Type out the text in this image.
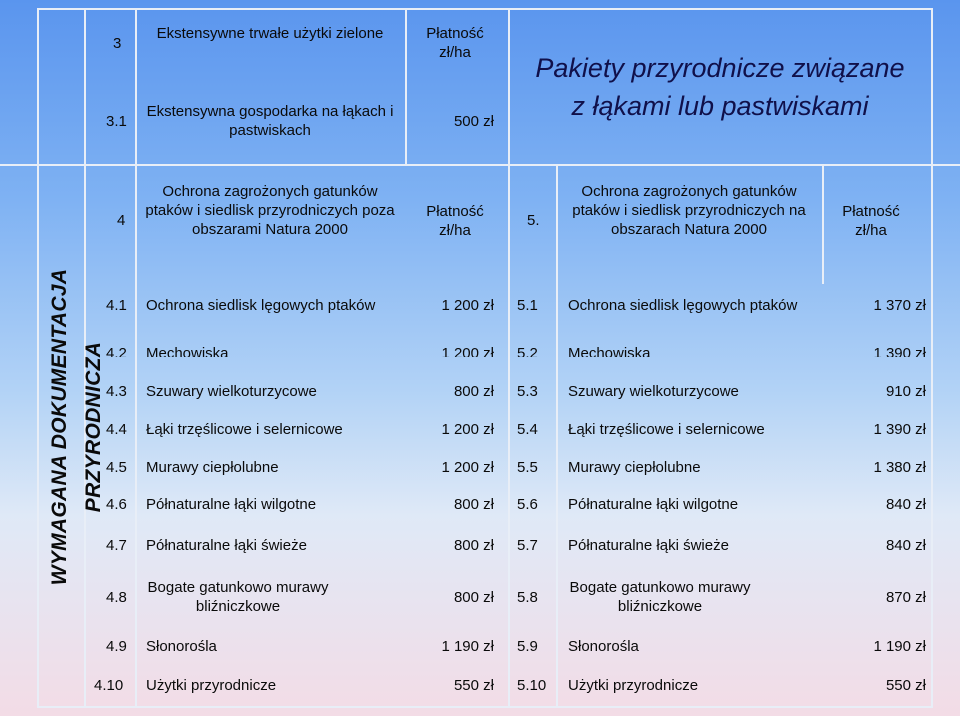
3
Ekstensywne trwałe użytki zielone	Płatność zł/ha
3.1
Ekstensywna gospodarka na łąkach i pastwiskach
500 zł
Pakiety przyrodnicze związane
z łąkami lub pastwiskami
WYMAGANA DOKUMENTACJA PRZYRODNICZA
4
Ochrona zagrożonych gatunków ptaków i siedlisk przyrodniczych poza obszarami Natura 2000
Płatność zł/ha
5.
Ochrona zagrożonych gatunków ptaków i siedlisk przyrodniczych na obszarach Natura 2000
Płatność zł/ha
4.1 Ochrona siedlisk lęgowych ptaków	1 200 zł
4.2 Mechowiska	1 200 zł
4.3 Szuwary wielkoturzycowe	800 zł
4.4 Łąki trzęślicowe i selernicowe	1 200 zł
4.5 Murawy ciepłolubne	1 200 zł
4.6 Półnaturalne łąki wilgotne	800 zł
4.7 Półnaturalne łąki świeże	800 zł
4.8
Bogate gatunkowo murawy bliźniczkowe
800 zł
4.9 Słonorośla	1 190 zł
4.10 Użytki przyrodnicze	550 zł
5.1 Ochrona siedlisk lęgowych ptaków	1 370 zł
5.2 Mechowiska	1 390 zł
5.3 Szuwary wielkoturzycowe	910 zł
5.4 Łąki trzęślicowe i selernicowe	1 390 zł
5.5 Murawy ciepłolubne	1 380 zł
5.6 Półnaturalne łąki wilgotne	840 zł
5.7 Półnaturalne łąki świeże	840 zł
5.8
Bogate gatunkowo murawy bliźniczkowe
870 zł
5.9 Słonorośla	1 190 zł
5.10 Użytki przyrodnicze	550 zł
